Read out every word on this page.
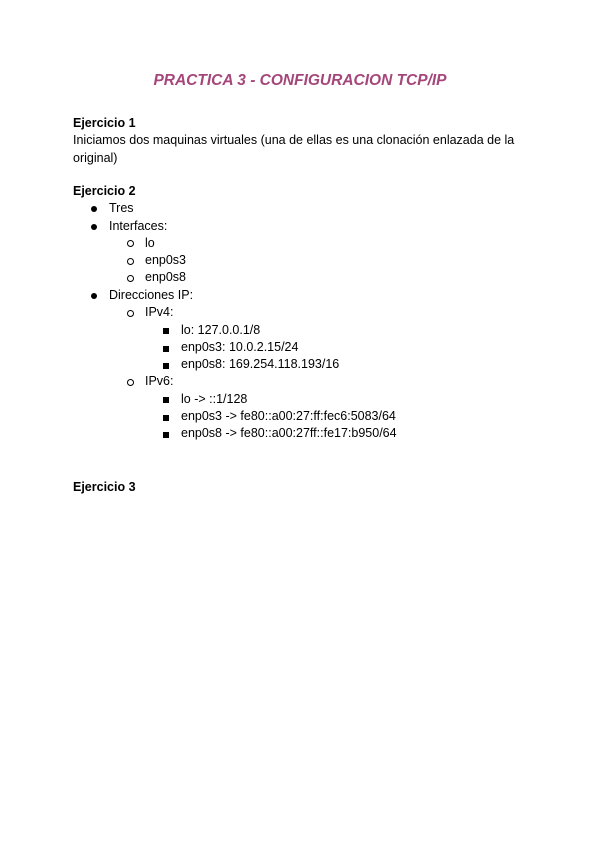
PRACTICA 3 - CONFIGURACION TCP/IP
Ejercicio 1
Iniciamos dos maquinas virtuales (una de ellas es una clonación enlazada de la original)
Ejercicio 2
Tres
Interfaces:
lo
enp0s3
enp0s8
Direcciones IP:
IPv4:
lo: 127.0.0.1/8
enp0s3: 10.0.2.15/24
enp0s8: 169.254.118.193/16
IPv6:
lo -> ::1/128
enp0s3 -> fe80::a00:27:ff:fec6:5083/64
enp0s8 -> fe80::a00:27ff::fe17:b950/64
Ejercicio 3
